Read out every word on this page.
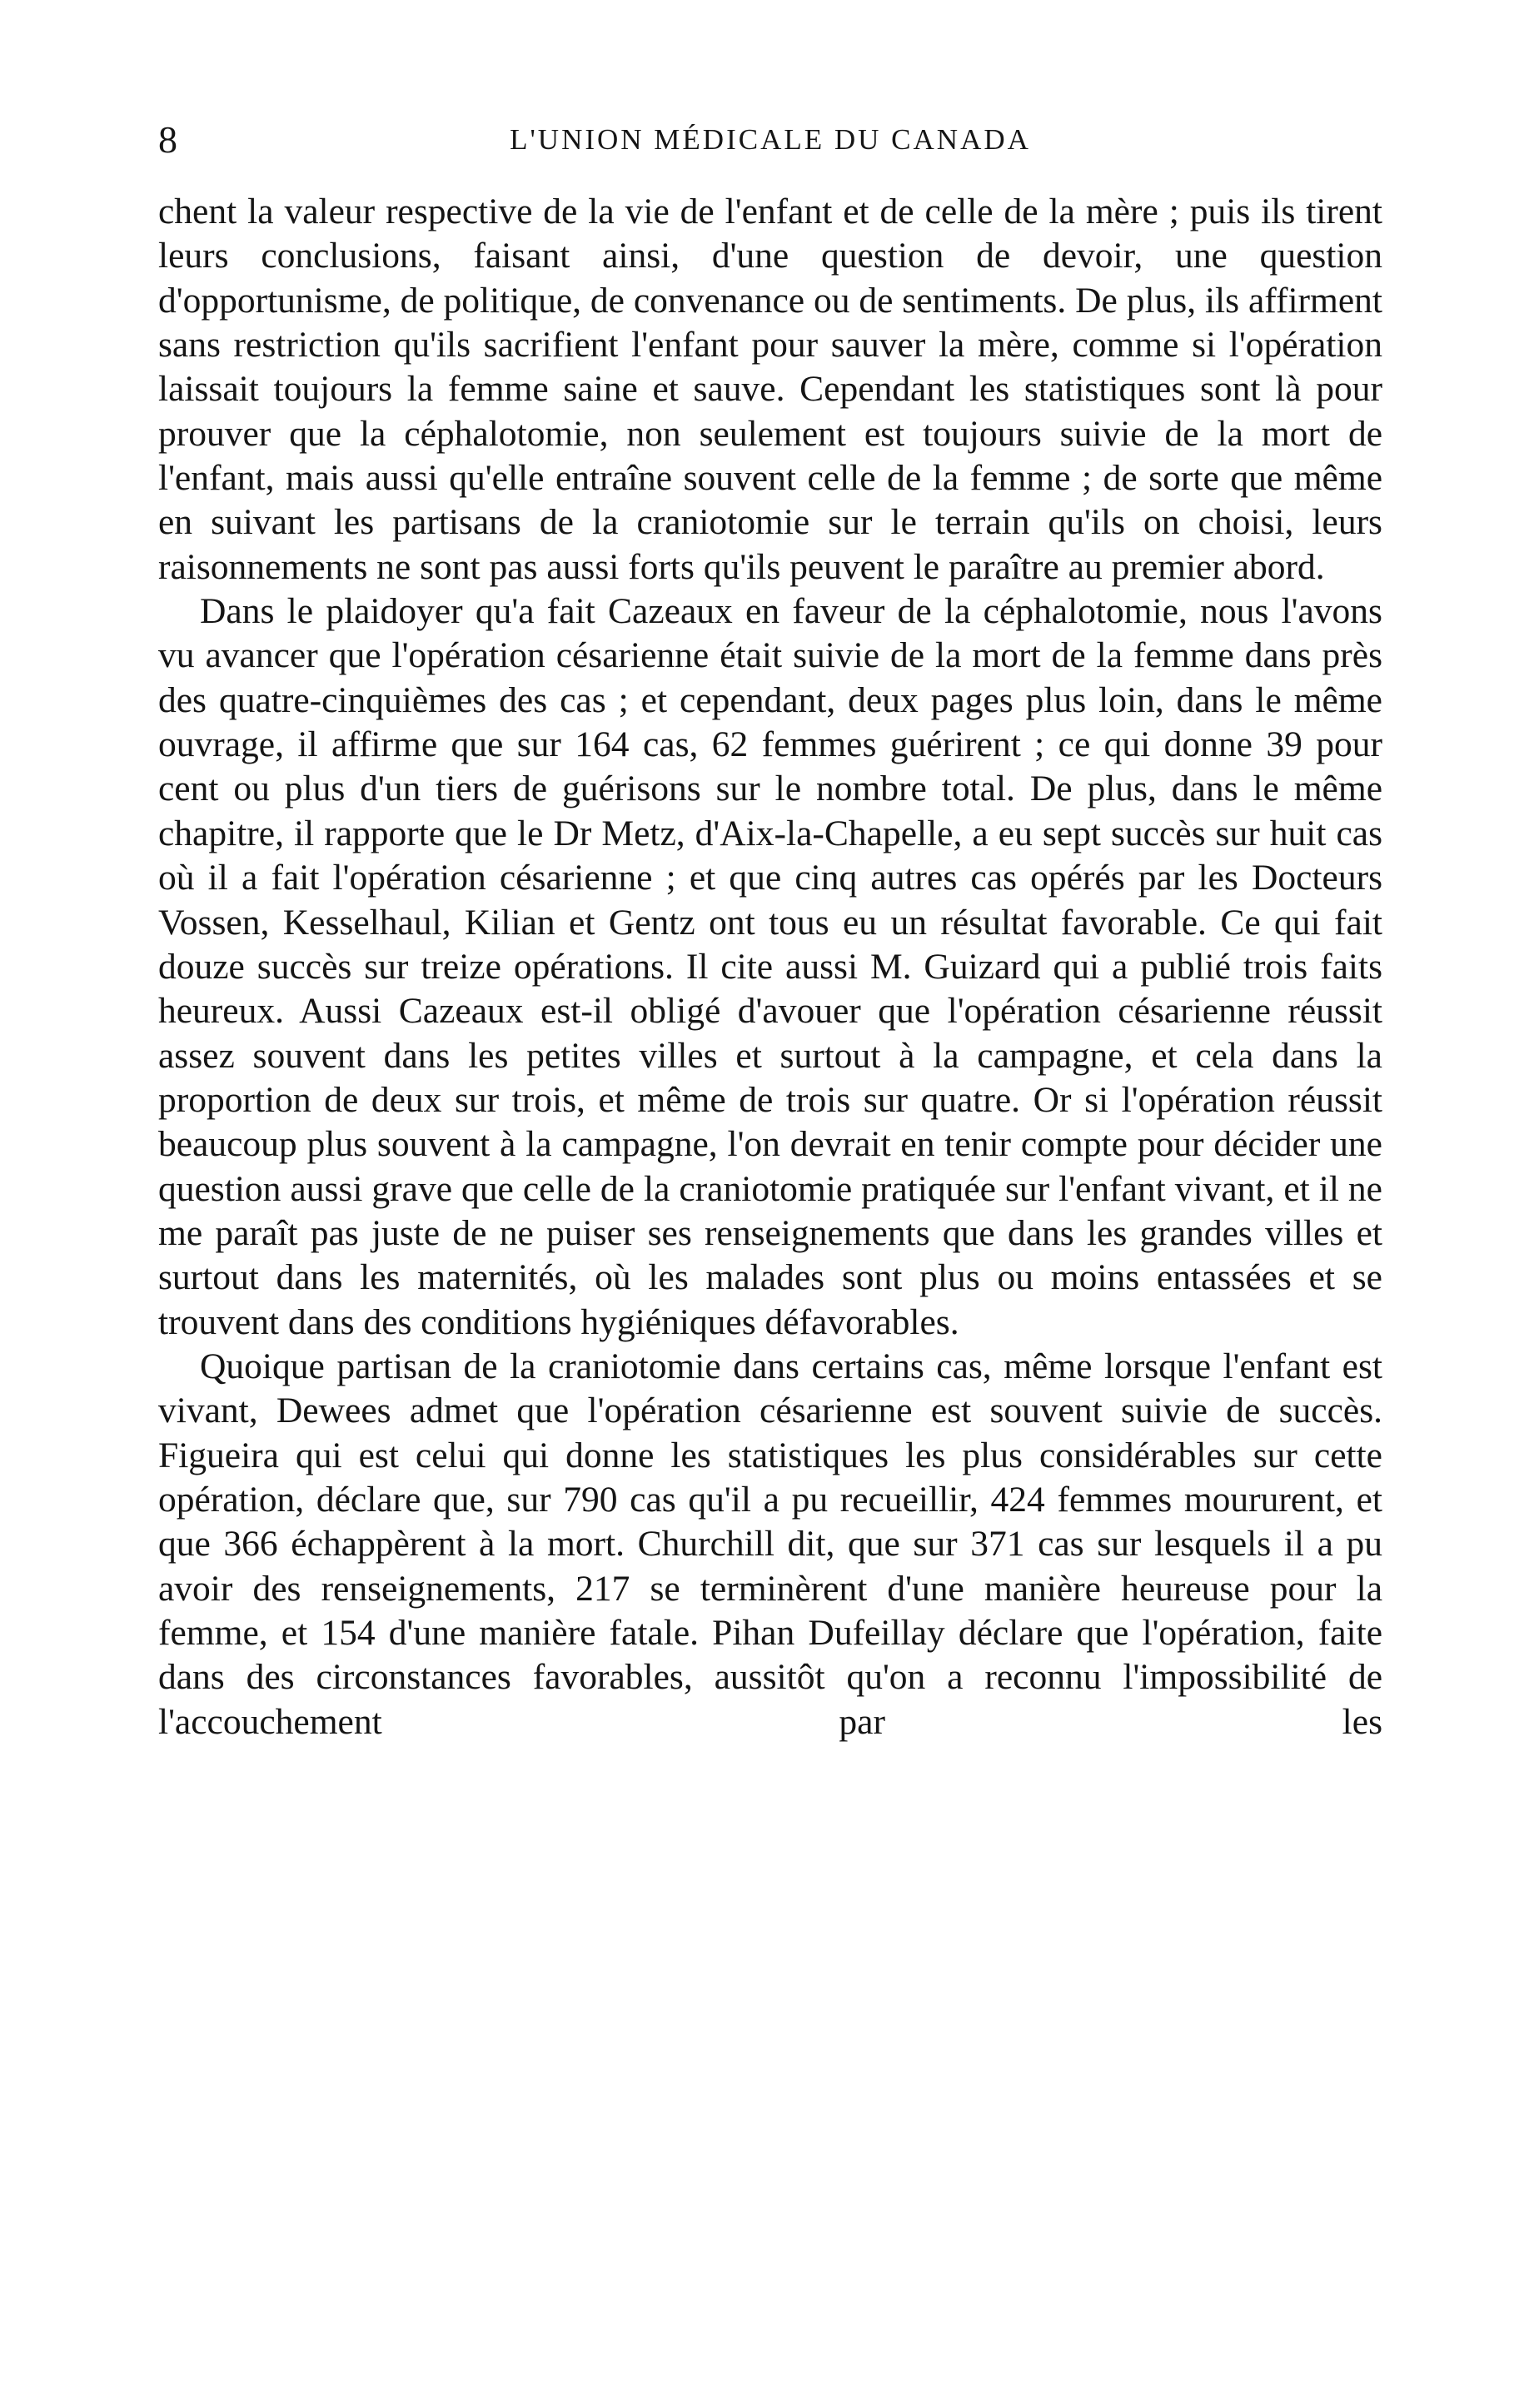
8	L'UNION MÉDICALE DU CANADA

chent la valeur respective de la vie de l'enfant et de celle de la mère ; puis ils tirent leurs conclusions, faisant ainsi, d'une question de devoir, une question d'opportunisme, de politique, de convenance ou de sentiments. De plus, ils affirment sans restriction qu'ils sacrifient l'enfant pour sauver la mère, comme si l'opération laissait toujours la femme saine et sauve. Cependant les statistiques sont là pour prouver que la céphalotomie, non seulement est toujours suivie de la mort de l'enfant, mais aussi qu'elle entraîne souvent celle de la femme ; de sorte que même en suivant les partisans de la craniotomie sur le terrain qu'ils on choisi, leurs raisonnements ne sont pas aussi forts qu'ils peuvent le paraître au premier abord.

Dans le plaidoyer qu'a fait Cazeaux en faveur de la céphalotomie, nous l'avons vu avancer que l'opération césarienne était suivie de la mort de la femme dans près des quatre-cinquièmes des cas ; et cependant, deux pages plus loin, dans le même ouvrage, il affirme que sur 164 cas, 62 femmes guérirent ; ce qui donne 39 pour cent ou plus d'un tiers de guérisons sur le nombre total. De plus, dans le même chapitre, il rapporte que le Dr Metz, d'Aix-la-Chapelle, a eu sept succès sur huit cas où il a fait l'opération césarienne ; et que cinq autres cas opérés par les Docteurs Vossen, Kesselhaul, Kilian et Gentz ont tous eu un résultat favorable. Ce qui fait douze succès sur treize opérations. Il cite aussi M. Guizard qui a publié trois faits heureux. Aussi Cazeaux est-il obligé d'avouer que l'opération césarienne réussit assez souvent dans les petites villes et surtout à la campagne, et cela dans la proportion de deux sur trois, et même de trois sur quatre. Or si l'opération réussit beaucoup plus souvent à la campagne, l'on devrait en tenir compte pour décider une question aussi grave que celle de la craniotomie pratiquée sur l'enfant vivant, et il ne me paraît pas juste de ne puiser ses renseignements que dans les grandes villes et surtout dans les maternités, où les malades sont plus ou moins entassées et se trouvent dans des conditions hygiéniques défavorables.

Quoique partisan de la craniotomie dans certains cas, même lorsque l'enfant est vivant, Dewees admet que l'opération césarienne est souvent suivie de succès. Figueira qui est celui qui donne les statistiques les plus considérables sur cette opération, déclare que, sur 790 cas qu'il a pu recueillir, 424 femmes moururent, et que 366 échappèrent à la mort. Churchill dit, que sur 371 cas sur lesquels il a pu avoir des renseignements, 217 se terminèrent d'une manière heureuse pour la femme, et 154 d'une manière fatale. Pihan Dufeillay déclare que l'opération, faite dans des circonstances favorables, aussitôt qu'on a reconnu l'impossibilité de l'accouchement par les
